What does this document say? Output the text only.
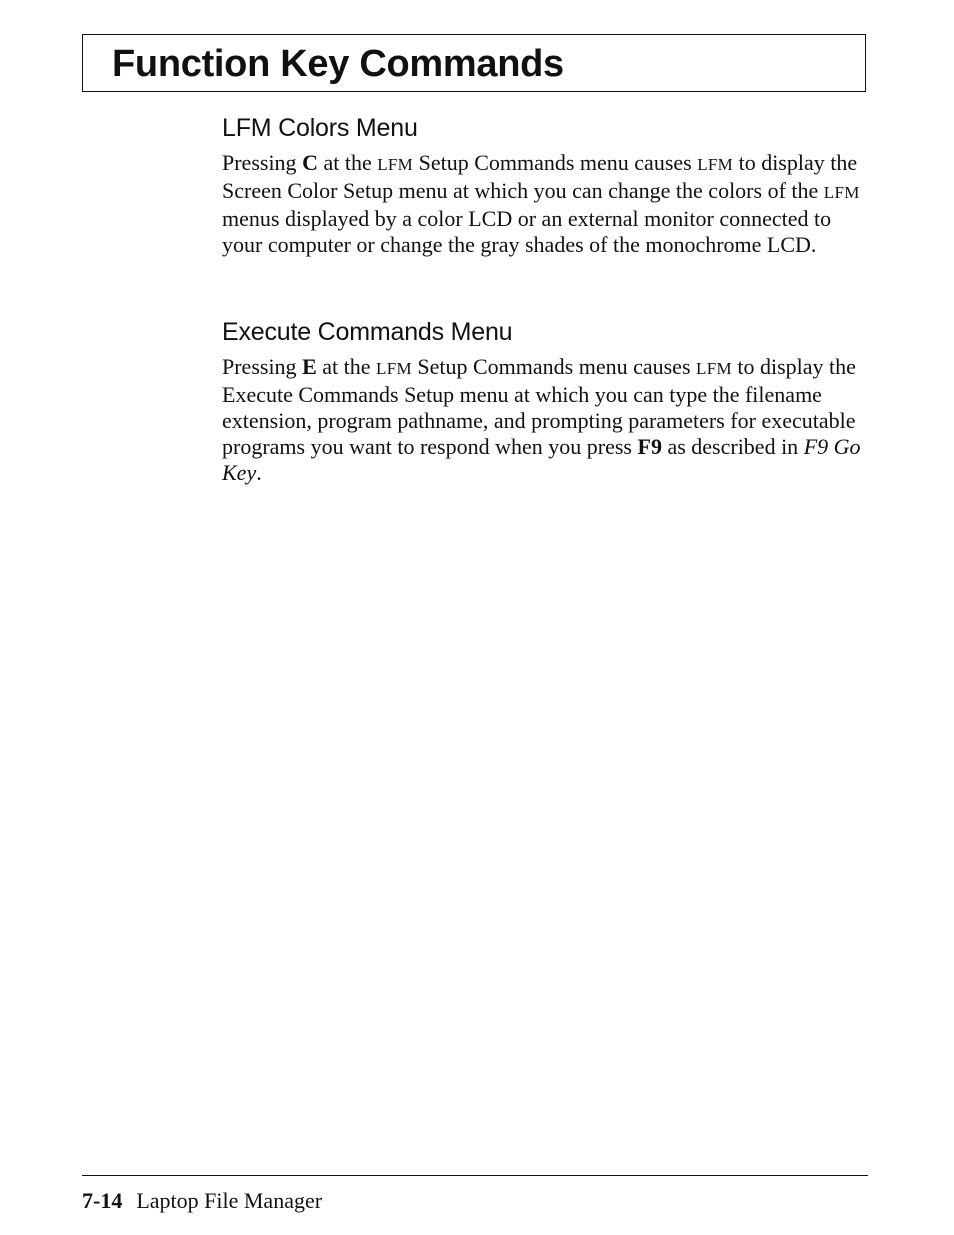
Function Key Commands
LFM Colors Menu

Pressing C at the LFM Setup Commands menu causes LFM to display the Screen Color Setup menu at which you can change the colors of the LFM menus displayed by a color LCD or an external monitor connected to your computer or change the gray shades of the monochrome LCD.

Execute Commands Menu

Pressing E at the LFM Setup Commands menu causes LFM to display the Execute Commands Setup menu at which you can type the filename extension, program pathname, and prompting parameters for executable programs you want to respond when you press F9 as described in F9 Go Key.

7-14 Laptop File Manager
